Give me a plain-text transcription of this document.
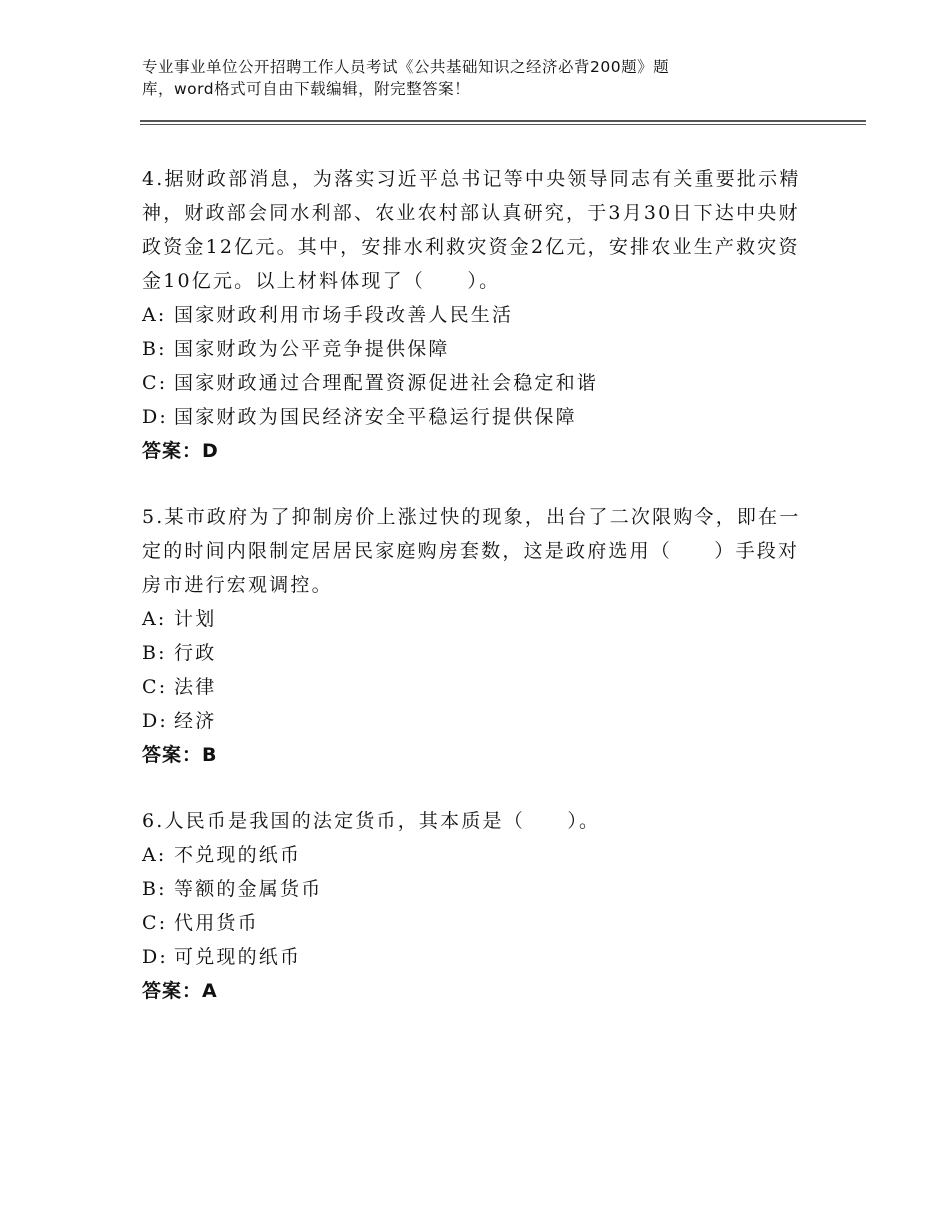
专业事业单位公开招聘工作人员考试《公共基础知识之经济必背200题》题
库，word格式可自由下载编辑，附完整答案！
4.据财政部消息，为落实习近平总书记等中央领导同志有关重要批示精神，财政部会同水利部、农业农村部认真研究，于3月30日下达中央财政资金12亿元。其中，安排水利救灾资金2亿元，安排农业生产救灾资金10亿元。以上材料体现了（　　）。
A: 国家财政利用市场手段改善人民生活
B: 国家财政为公平竞争提供保障
C: 国家财政通过合理配置资源促进社会稳定和谐
D: 国家财政为国民经济安全平稳运行提供保障
答案：D
5.某市政府为了抑制房价上涨过快的现象，出台了二次限购令，即在一定的时间内限制定居居民家庭购房套数，这是政府选用（　　）手段对房市进行宏观调控。
A: 计划
B: 行政
C: 法律
D: 经济
答案：B
6.人民币是我国的法定货币，其本质是（　　）。
A: 不兑现的纸币
B: 等额的金属货币
C: 代用货币
D: 可兑现的纸币
答案：A
